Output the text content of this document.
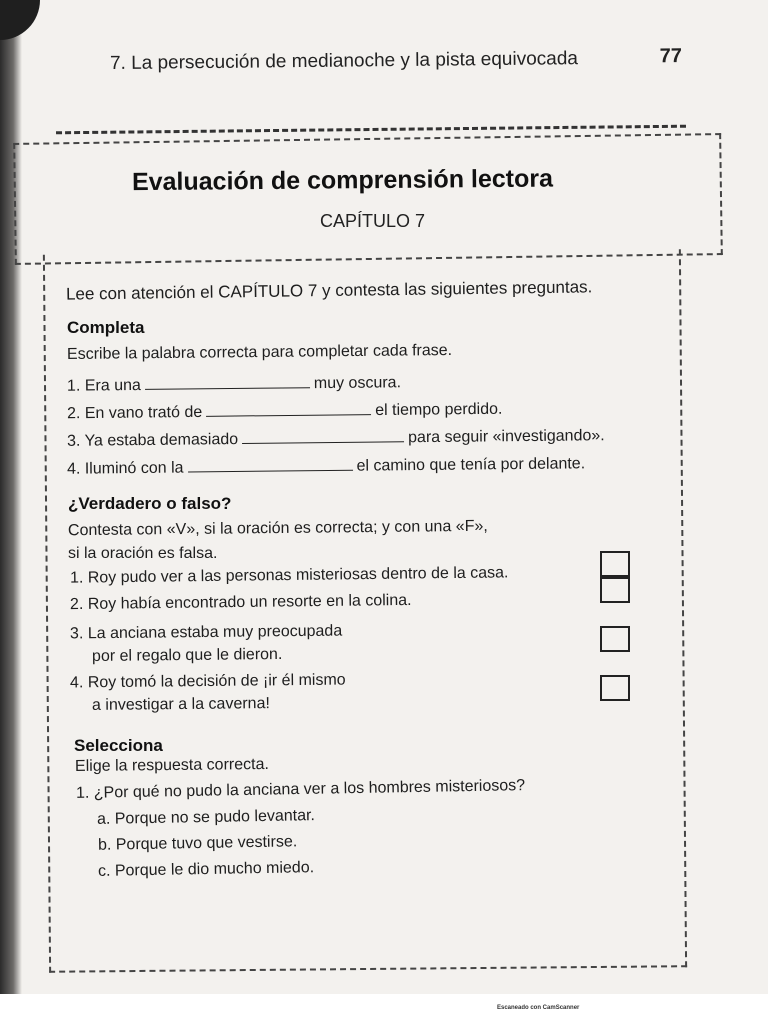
7. La persecución de medianoche y la pista equivocada	77
Evaluación de comprensión lectora
CAPÍTULO 7
Lee con atención el CAPÍTULO 7 y contesta las siguientes preguntas.
Completa
Escribe la palabra correcta para completar cada frase.
1. Era una	muy oscura.
2. En vano trató de	el tiempo perdido.
3. Ya estaba demasiado	para seguir «investigando».
4. Iluminó con la	el camino que tenía por delante.
¿Verdadero o falso?
Contesta con «V», si la oración es correcta; y con una «F»,
si la oración es falsa.
1. Roy pudo ver a las personas misteriosas dentro de la casa.
2. Roy había encontrado un resorte en la colina.
3. La anciana estaba muy preocupada
por el regalo que le dieron.
4. Roy tomó la decisión de ¡ir él mismo
a investigar a la caverna!
Selecciona
Elige la respuesta correcta.
1. ¿Por qué no pudo la anciana ver a los hombres misteriosos?
a. Porque no se pudo levantar.
b. Porque tuvo que vestirse.
c. Porque le dio mucho miedo.
Escaneado con CamScanner
